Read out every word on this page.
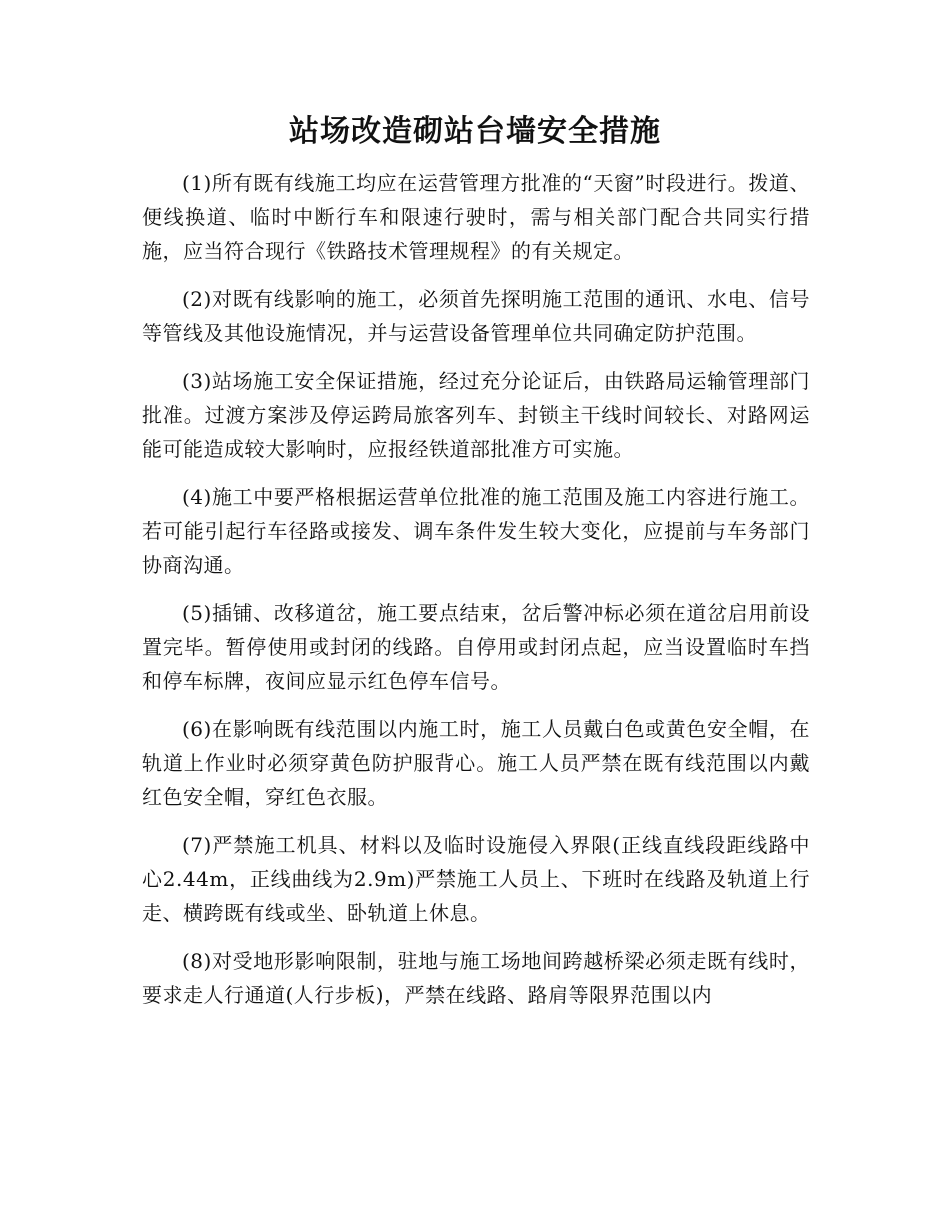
站场改造砌站台墙安全措施

(1)所有既有线施工均应在运营管理方批准的“天窗”时段进行。拨道、便线换道、临时中断行车和限速行驶时，需与相关部门配合共同实行措施，应当符合现行《铁路技术管理规程》的有关规定。

(2)对既有线影响的施工，必须首先探明施工范围的通讯、水电、信号等管线及其他设施情况，并与运营设备管理单位共同确定防护范围。

(3)站场施工安全保证措施，经过充分论证后，由铁路局运输管理部门批准。过渡方案涉及停运跨局旅客列车、封锁主干线时间较长、对路网运能可能造成较大影响时，应报经铁道部批准方可实施。

(4)施工中要严格根据运营单位批准的施工范围及施工内容进行施工。若可能引起行车径路或接发、调车条件发生较大变化，应提前与车务部门协商沟通。

(5)插铺、改移道岔，施工要点结束，岔后警冲标必须在道岔启用前设置完毕。暂停使用或封闭的线路。自停用或封闭点起，应当设置临时车挡和停车标牌，夜间应显示红色停车信号。

(6)在影响既有线范围以内施工时，施工人员戴白色或黄色安全帽，在轨道上作业时必须穿黄色防护服背心。施工人员严禁在既有线范围以内戴红色安全帽，穿红色衣服。

(7)严禁施工机具、材料以及临时设施侵入界限(正线直线段距线路中心2.44m，正线曲线为2.9m)严禁施工人员上、下班时在线路及轨道上行走、横跨既有线或坐、卧轨道上休息。

(8)对受地形影响限制，驻地与施工场地间跨越桥梁必须走既有线时，要求走人行通道(人行步板)，严禁在线路、路肩等限界范围以内
